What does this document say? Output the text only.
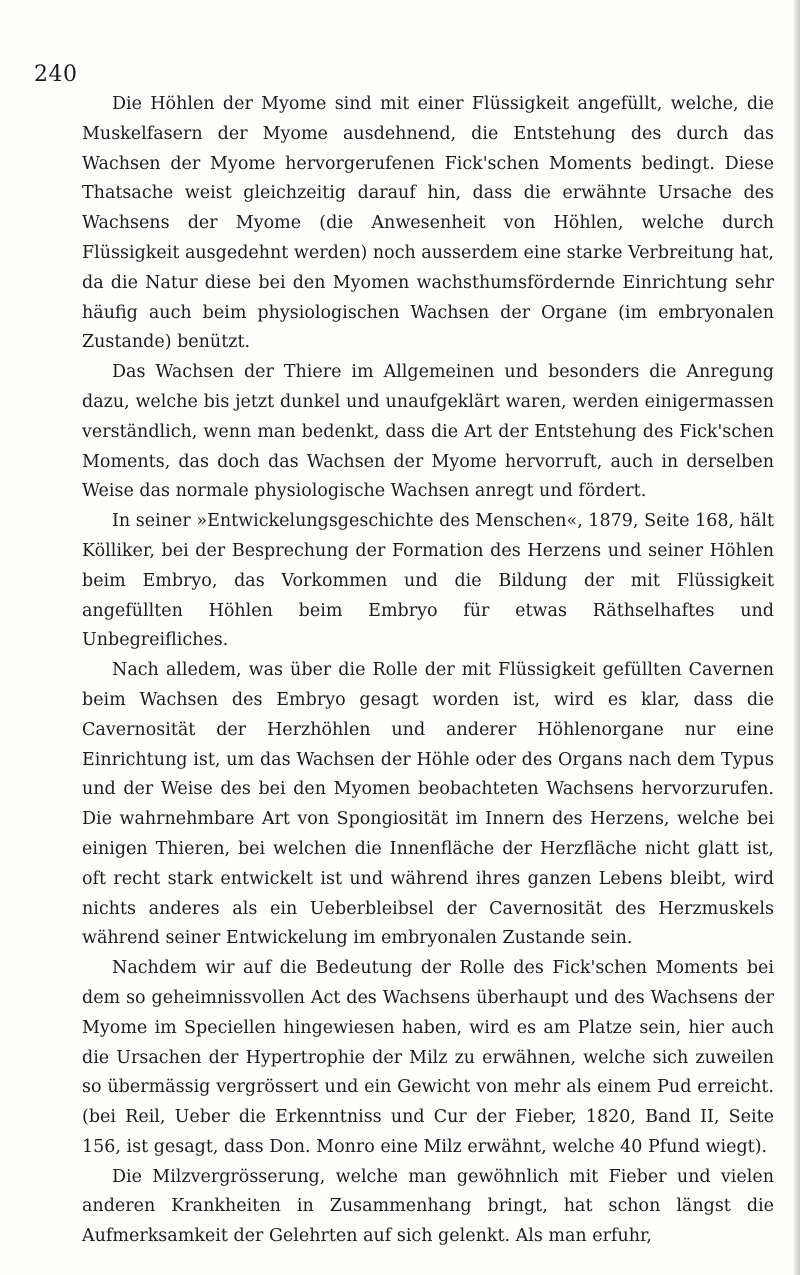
240

Die Höhlen der Myome sind mit einer Flüssigkeit angefüllt, welche, die Muskelfasern der Myome ausdehnend, die Entstehung des durch das Wachsen der Myome hervorgerufenen Fick'schen Moments bedingt. Diese Thatsache weist gleichzeitig darauf hin, dass die erwähnte Ursache des Wachsens der Myome (die Anwesenheit von Höhlen, welche durch Flüssigkeit ausgedehnt werden) noch ausserdem eine starke Verbreitung hat, da die Natur diese bei den Myomen wachsthumsfördernde Einrichtung sehr häufig auch beim physiologischen Wachsen der Organe (im embryonalen Zustande) benützt.

Das Wachsen der Thiere im Allgemeinen und besonders die Anregung dazu, welche bis jetzt dunkel und unaufgeklärt waren, werden einigermassen verständlich, wenn man bedenkt, dass die Art der Entstehung des Fick'schen Moments, das doch das Wachsen der Myome hervorruft, auch in derselben Weise das normale physiologische Wachsen anregt und fördert.

In seiner »Entwickelungsgeschichte des Menschen«, 1879, Seite 168, hält Kölliker, bei der Besprechung der Formation des Herzens und seiner Höhlen beim Embryo, das Vorkommen und die Bildung der mit Flüssigkeit angefüllten Höhlen beim Embryo für etwas Räthselhaftes und Unbegreifliches.

Nach alledem, was über die Rolle der mit Flüssigkeit gefüllten Cavernen beim Wachsen des Embryo gesagt worden ist, wird es klar, dass die Cavernosität der Herzhöhlen und anderer Höhlenorgane nur eine Einrichtung ist, um das Wachsen der Höhle oder des Organs nach dem Typus und der Weise des bei den Myomen beobachteten Wachsens hervorzurufen. Die wahrnehmbare Art von Spongiosität im Innern des Herzens, welche bei einigen Thieren, bei welchen die Innenfläche der Herzfläche nicht glatt ist, oft recht stark entwickelt ist und während ihres ganzen Lebens bleibt, wird nichts anderes als ein Ueberbleibsel der Cavernosität des Herzmuskels während seiner Entwickelung im embryonalen Zustande sein.

Nachdem wir auf die Bedeutung der Rolle des Fick'schen Moments bei dem so geheimnissvollen Act des Wachsens überhaupt und des Wachsens der Myome im Speciellen hingewiesen haben, wird es am Platze sein, hier auch die Ursachen der Hypertrophie der Milz zu erwähnen, welche sich zuweilen so übermässig vergrössert und ein Gewicht von mehr als einem Pud erreicht. (bei Reil, Ueber die Erkenntniss und Cur der Fieber, 1820, Band II, Seite 156, ist gesagt, dass Don. Monro eine Milz erwähnt, welche 40 Pfund wiegt).

Die Milzvergrösserung, welche man gewöhnlich mit Fieber und vielen anderen Krankheiten in Zusammenhang bringt, hat schon längst die Aufmerksamkeit der Gelehrten auf sich gelenkt. Als man erfuhr,
